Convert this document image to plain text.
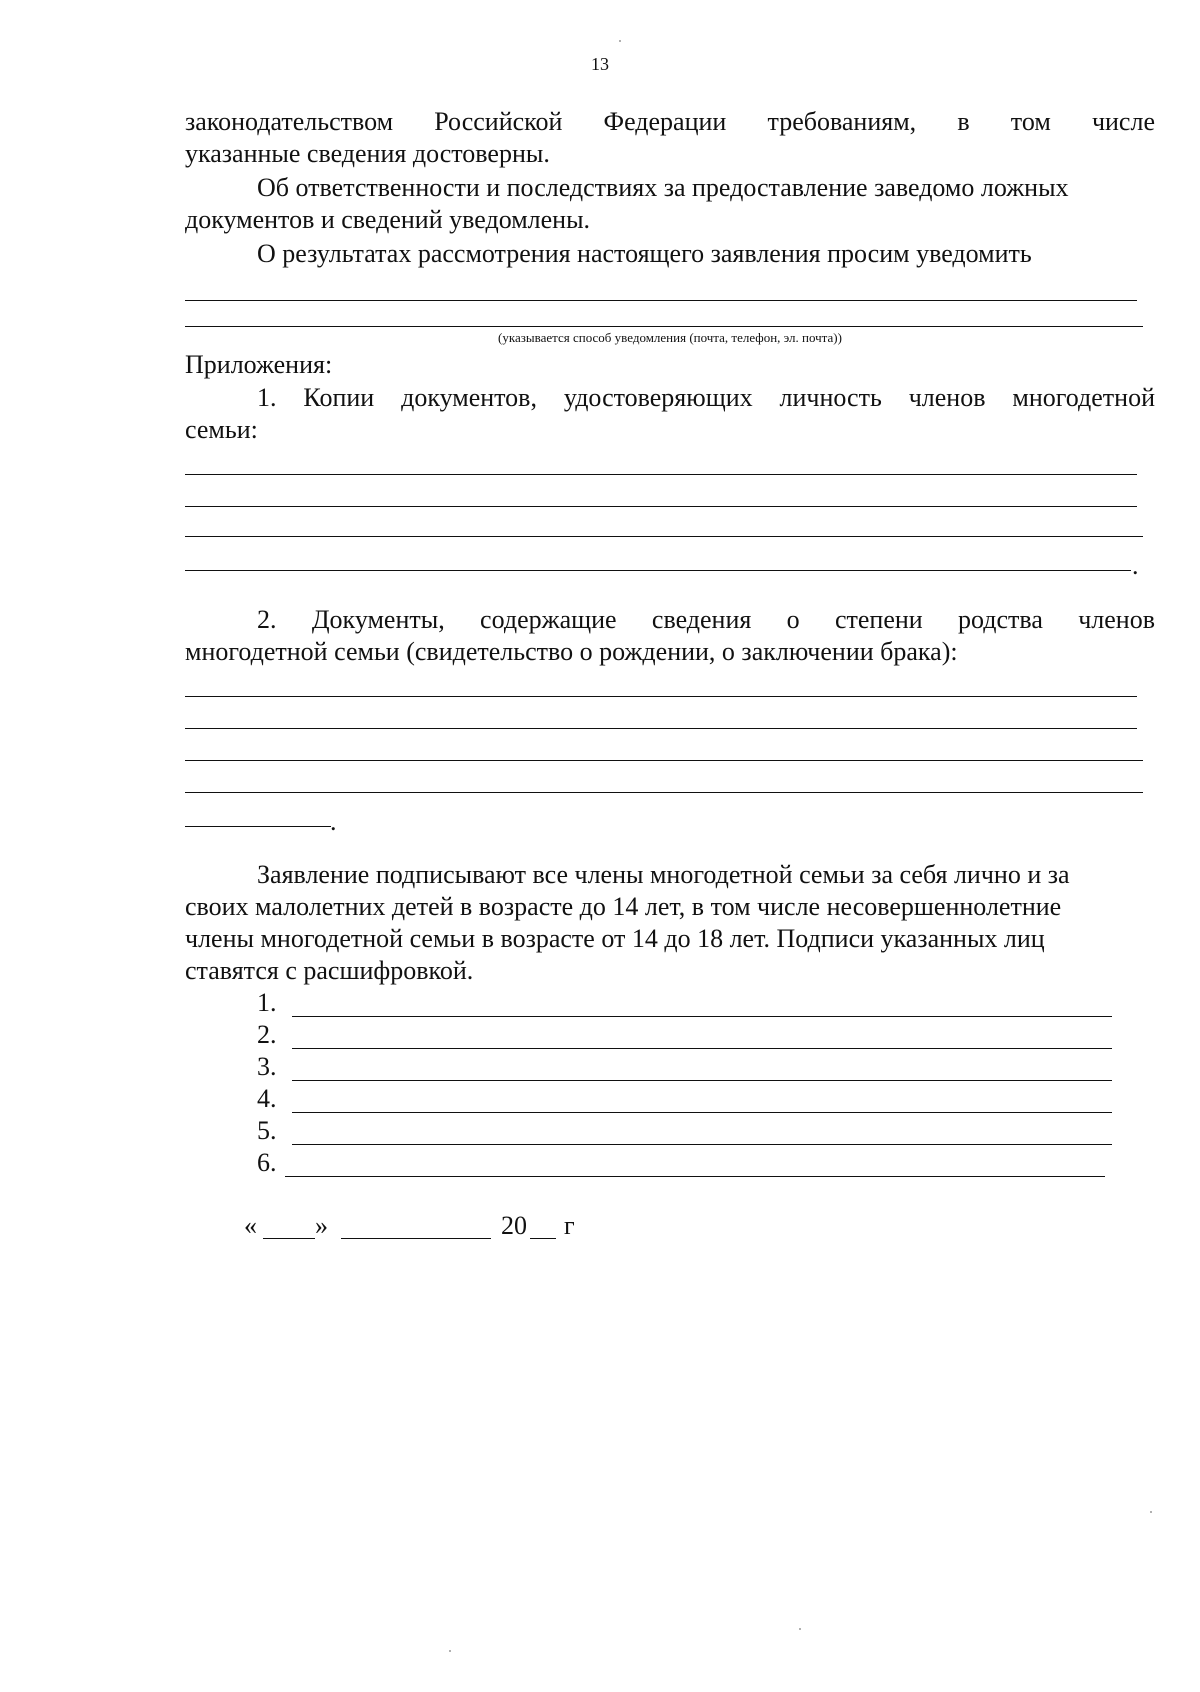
13
законодательством Российской Федерации требованиям, в том числе
указанные сведения достоверны.
Об ответственности и последствиях за предоставление заведомо ложных
документов и сведений уведомлены.
О результатах рассмотрения настоящего заявления просим уведомить
(указывается способ уведомления (почта, телефон, эл. почта))
Приложения:
1. Копии документов, удостоверяющих личность членов многодетной
семьи:
.
2. Документы, содержащие сведения о степени родства членов
многодетной семьи (свидетельство о рождении, о заключении брака):
.
Заявление подписывают все члены многодетной семьи за себя лично и за
своих малолетних детей в возрасте до 14 лет, в том числе несовершеннолетние
члены многодетной семьи в возрасте от 14 до 18 лет. Подписи указанных лиц
ставятся с расшифровкой.
1.
2.
3.
4.
5.
6.
« »	20 г
